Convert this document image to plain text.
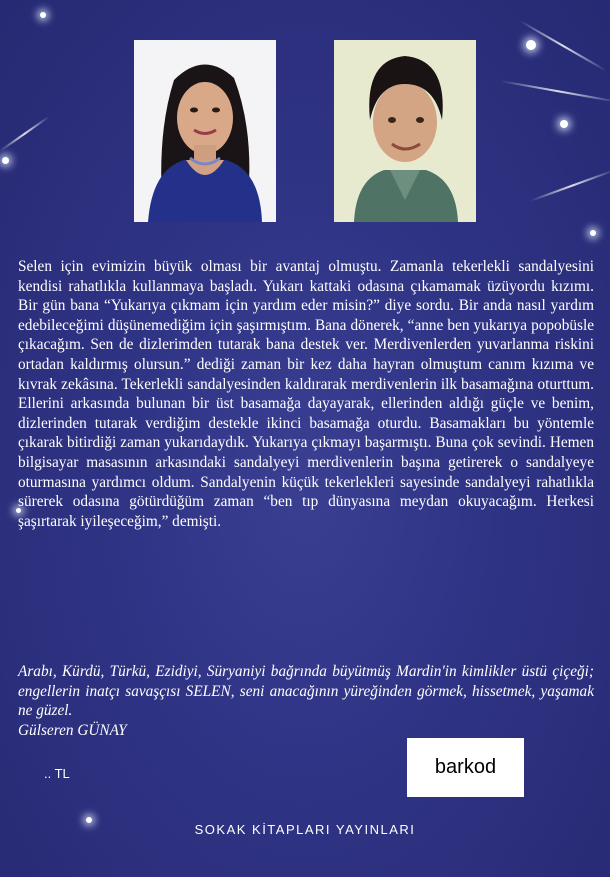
Selen için evimizin büyük olması bir avantaj olmuştu. Zamanla tekerlekli sandalyesini kendisi rahatlıkla kullanmaya başladı. Yukarı kattaki odasına çıkamamak üzüyordu kızımı. Bir gün bana “Yukarıya çıkmam için yardım eder misin?” diye sordu. Bir anda nasıl yardım edebileceğimi düşünemediğim için şaşırmıştım. Bana dönerek, “anne ben yukarıya popobüsle çıkacağım. Sen de dizlerimden tutarak bana destek ver. Merdivenlerden yuvarlanma riskini ortadan kaldırmış olursun.” dediği zaman bir kez daha hayran olmuştum canım kızıma ve kıvrak zekâsına. Tekerlekli sandalyesinden kaldırarak merdivenlerin ilk basamağına oturttum. Ellerini arkasında bulunan bir üst basamağa dayayarak, ellerinden aldığı güçle ve benim, dizlerinden tutarak verdiğim destekle ikinci basamağa oturdu. Basamakları bu yöntemle çıkarak bitirdiği zaman yukarıdaydık. Yukarıya çıkmayı başarmıştı. Buna çok sevindi. Hemen bilgisayar masasının arkasındaki sandalyeyi merdivenlerin başına getirerek o sandalyeye oturmasına yardımcı oldum. Sandalyenin küçük tekerlekleri sayesinde sandalyeyi rahatlıkla sürerek odasına götürdüğüm zaman “ben tıp dünyasına meydan okuyacağım. Herkesi şaşırtarak iyileşeceğim,” demişti.

Arabı, Kürdü, Türkü, Ezidiyi, Süryaniyi bağrında büyütmüş Mardin'in kimlikler üstü çiçeği; engellerin inatçı savaşçısı SELEN, seni anacağının yüreğinden görmek, hissetmek, yaşamak ne güzel.
Gülseren GÜNAY

.. TL	barkod
SOKAK KİTAPLARI YAYINLARI
